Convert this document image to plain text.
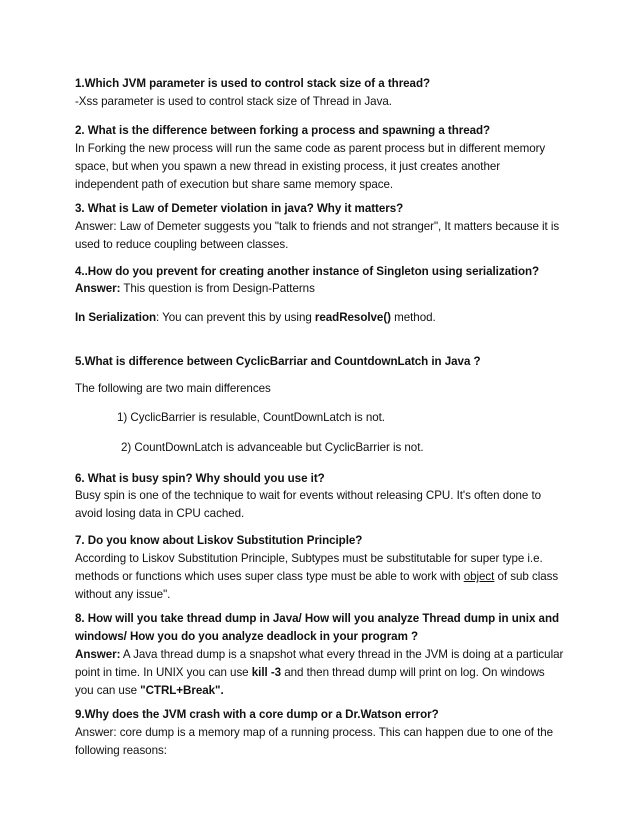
1.Which JVM parameter is used to control stack size of a thread?

-Xss parameter is used to control stack size of Thread in Java.

2. What is the difference between forking a process and spawning a thread?

In Forking the new process will run the same code as parent process but in different memory

space, but when you spawn a new thread in existing process, it just creates another

independent path of execution but share same memory space.

3. What is Law of Demeter violation in java? Why it matters?

Answer: Law of Demeter suggests you "talk to friends and not stranger", It matters because it is

used to reduce coupling between classes.

4..How do you prevent for creating another instance of Singleton using serialization?

Answer: This question is from Design-Patterns

In Serialization: You can prevent this by using readResolve() method.

5.What is difference between CyclicBarriar and CountdownLatch in Java ?

The following are two main differences

1) CyclicBarrier is resulable, CountDownLatch is not.

2) CountDownLatch is advanceable but CyclicBarrier is not.

6. What is busy spin? Why should you use it?

Busy spin is one of the technique to wait for events without releasing CPU. It's often done to

avoid losing data in CPU cached.

7. Do you know about Liskov Substitution Principle?

According to Liskov Substitution Principle, Subtypes must be substitutable for super type i.e.

methods or functions which uses super class type must be able to work with object of sub class

without any issue".

8. How will you take thread dump in Java/ How will you analyze Thread dump in unix and

windows/ How you do you analyze deadlock in your program ?

Answer: A Java thread dump is a snapshot what every thread in the JVM is doing at a particular

point in time. In UNIX you can use kill -3 and then thread dump will print on log. On windows

you can use "CTRL+Break".

9.Why does the JVM crash with a core dump or a Dr.Watson error?

Answer: core dump is a memory map of a running process. This can happen due to one of the

following reasons:
